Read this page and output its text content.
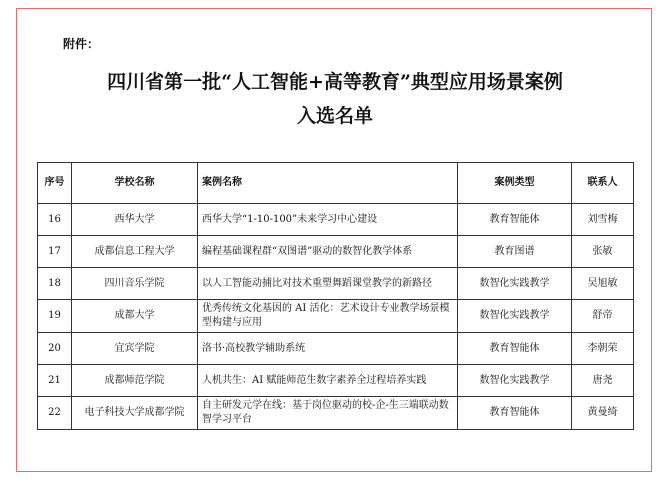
附件：
四川省第一批“人工智能+高等教育”典型应用场景案例
入选名单
序号	学校名称	案例名称	案例类型	联系人
16	西华大学	西华大学“1-10-100”未来学习中心建设	教育智能体	刘雪梅
17	成都信息工程大学	编程基础课程群“双图谱”驱动的数智化教学体系	教育图谱	张敏
18	四川音乐学院	以人工智能动捕比对技术重塑舞蹈课堂教学的新路径	数智化实践教学	吴旭敏
19	成都大学	优秀传统文化基因的 AI 活化：艺术设计专业教学场景模型构建与应用	数智化实践教学	舒帝
20	宜宾学院	洛书·高校教学辅助系统	教育智能体	李朝荣
21	成都师范学院	人机共生：AI 赋能师范生数字素养全过程培养实践	数智化实践教学	唐尧
22	电子科技大学成都学院	自主研发元学在线：基于岗位驱动的校-企-生三端联动数智学习平台	教育智能体	黄曼绮
